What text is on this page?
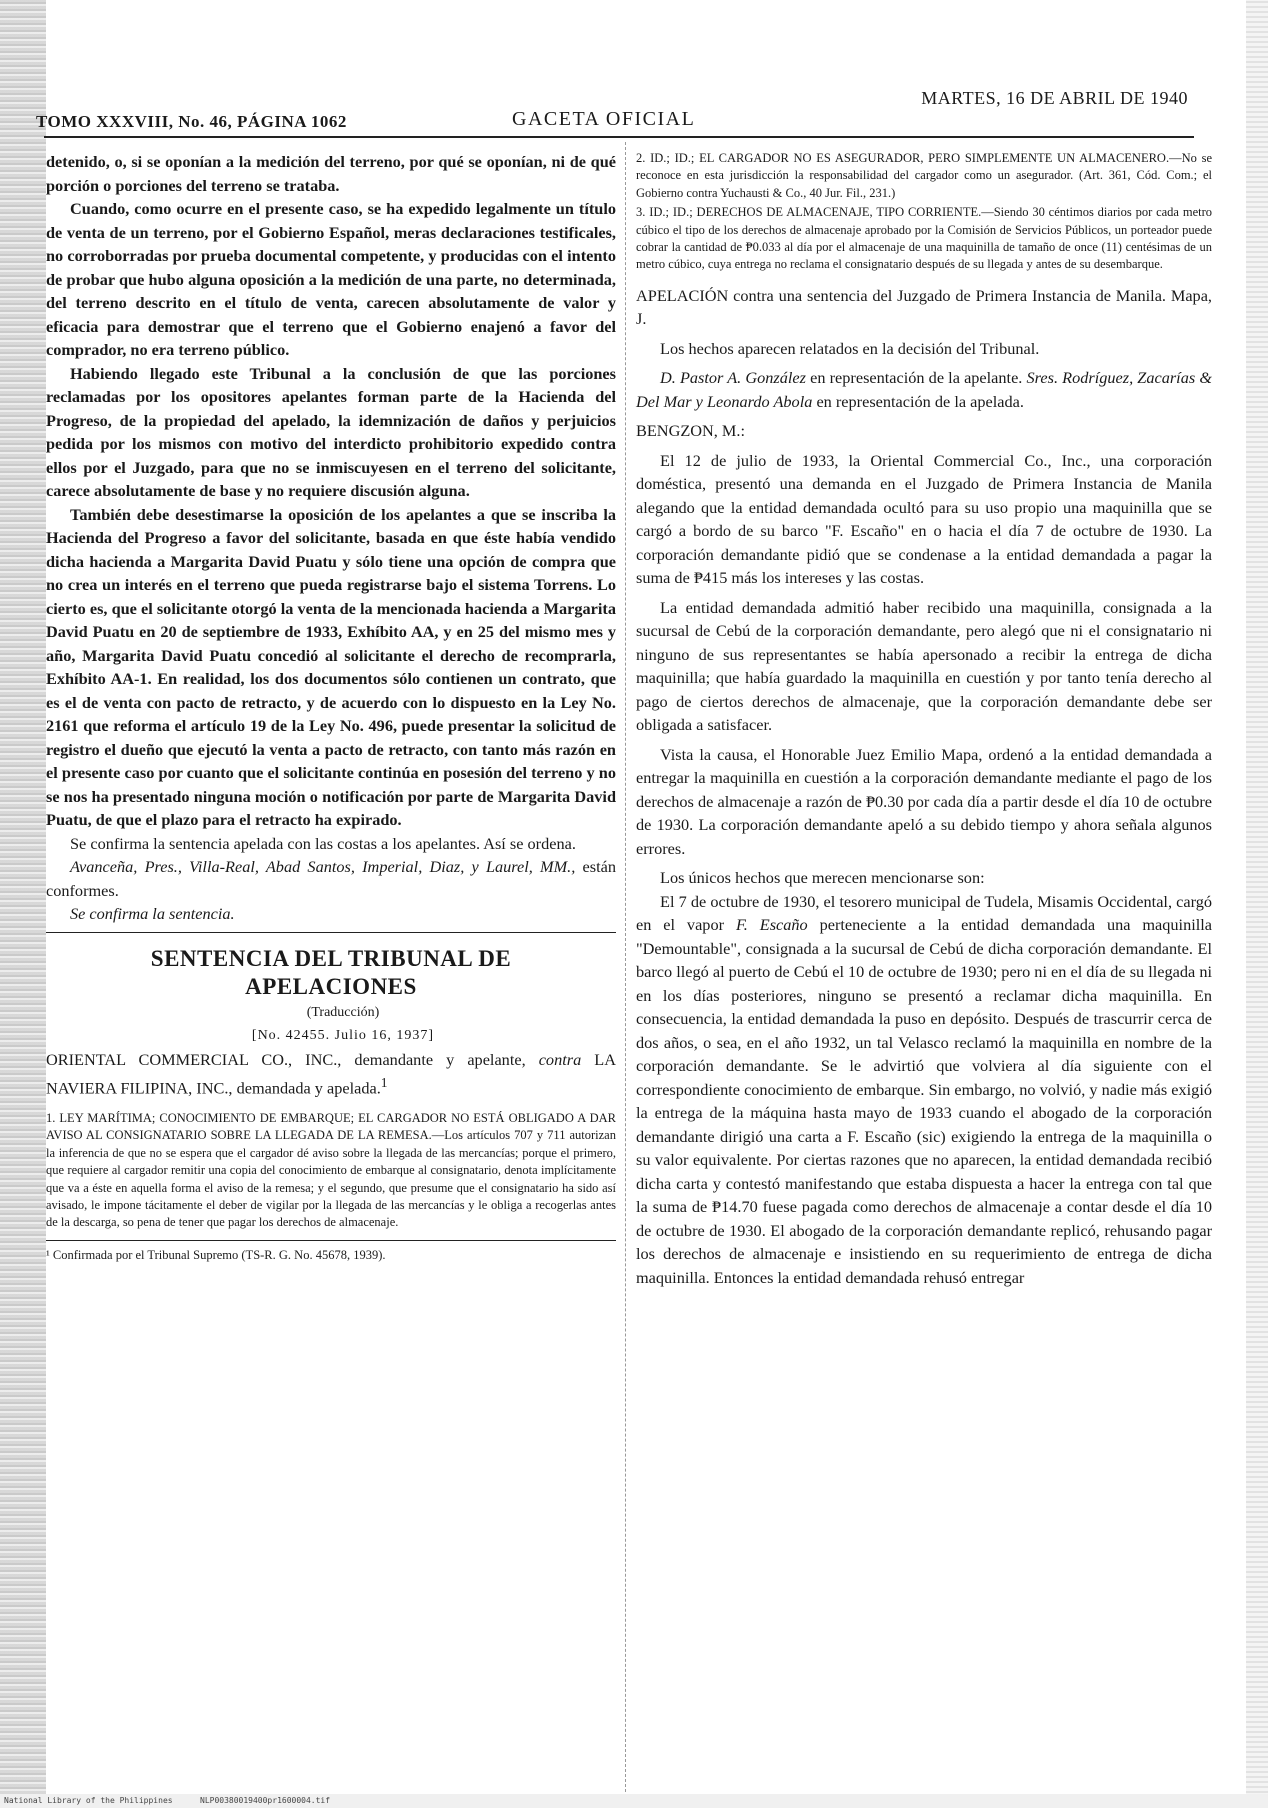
TOMO XXXVIII, No. 46, PÁGINA 1062	GACETA OFICIAL
MARTES, 16 DE ABRIL DE 1940

detenido, o, si se oponían a la medición del terreno, por qué se oponían, ni de qué porción o porciones del terreno se trataba.

Cuando, como ocurre en el presente caso, se ha expedido legalmente un título de venta de un terreno, por el Gobierno Español, meras declaraciones testificales, no corroborradas por prueba documental competente, y producidas con el intento de probar que hubo alguna oposición a la medición de una parte, no determinada, del terreno descrito en el título de venta, carecen absolutamente de valor y eficacia para demostrar que el terreno que el Gobierno enajenó a favor del comprador, no era terreno público.

Habiendo llegado este Tribunal a la conclusión de que las porciones reclamadas por los opositores apelantes forman parte de la Hacienda del Progreso, de la propiedad del apelado, la idemnización de daños y perjuicios pedida por los mismos con motivo del interdicto prohibitorio expedido contra ellos por el Juzgado, para que no se inmiscuyesen en el terreno del solicitante, carece absolutamente de base y no requiere discusión alguna.

También debe desestimarse la oposición de los apelantes a que se inscriba la Hacienda del Progreso a favor del solicitante, basada en que éste había vendido dicha hacienda a Margarita David Puatu y sólo tiene una opción de compra que no crea un interés en el terreno que pueda registrarse bajo el sistema Torrens. Lo cierto es, que el solicitante otorgó la venta de la mencionada hacienda a Margarita David Puatu en 20 de septiembre de 1933, Exhíbito AA, y en 25 del mismo mes y año, Margarita David Puatu concedió al solicitante el derecho de recomprarla, Exhíbito AA-1. En realidad, los dos documentos sólo contienen un contrato, que es el de venta con pacto de retracto, y de acuerdo con lo dispuesto en la Ley No. 2161 que reforma el artículo 19 de la Ley No. 496, puede presentar la solicitud de registro el dueño que ejecutó la venta a pacto de retracto, con tanto más razón en el presente caso por cuanto que el solicitante continúa en posesión del terreno y no se nos ha presentado ninguna moción o notificación por parte de Margarita David Puatu, de que el plazo para el retracto ha expirado.

Se confirma la sentencia apelada con las costas a los apelantes. Así se ordena.

Avanceña, Pres., Villa-Real, Abad Santos, Imperial, Diaz, y Laurel, MM., están conformes.

Se confirma la sentencia.

SENTENCIA DEL TRIBUNAL DE
APELACIONES

(Traducción)

[No. 42455. Julio 16, 1937]

ORIENTAL COMMERCIAL CO., INC., demandante y apelante, contra LA NAVIERA FILIPINA, INC., demandada y apelada.$^1$

1. LEY MARÍTIMA; CONOCIMIENTO DE EMBARQUE; EL CARGADOR NO ESTÁ OBLIGADO A DAR AVISO AL CONSIGNATARIO SOBRE LA LLEGADA DE LA REMESA.—Los artículos 707 y 711 autorizan la inferencia de que no se espera que el cargador dé aviso sobre la llegada de las mercancías; porque el primero, que requiere al cargador remitir una copia del conocimiento de embarque al consignatario, denota implícitamente que va a éste en aquella forma el aviso de la remesa; y el segundo, que presume que el consignatario ha sido así avisado, le impone tácitamente el deber de vigilar por la llegada de las mercancías y le obliga a recogerlas antes de la descarga, so pena de tener que pagar los derechos de almacenaje.

¹ Confirmada por el Tribunal Supremo (TS-R. G. No. 45678, 1939).

2. ID.; ID.; EL CARGADOR NO ES ASEGURADOR, PERO SIMPLEMENTE UN ALMACENERO.—No se reconoce en esta jurisdicción la responsabilidad del cargador como un asegurador. (Art. 361, Cód. Com.; el Gobierno contra Yuchausti & Co., 40 Jur. Fil., 231.)

3. ID.; ID.; DERECHOS DE ALMACENAJE, TIPO CORRIENTE.—Siendo 30 céntimos diarios por cada metro cúbico el tipo de los derechos de almacenaje aprobado por la Comisión de Servicios Públicos, un porteador puede cobrar la cantidad de ₱0.033 al día por el almacenaje de una maquinilla de tamaño de once (11) centésimas de un metro cúbico, cuya entrega no reclama el consignatario después de su llegada y antes de su desembarque.

APELACIÓN contra una sentencia del Juzgado de Primera Instancia de Manila. Mapa, J.

Los hechos aparecen relatados en la decisión del Tribunal.

D. Pastor A. González en representación de la apelante. Sres. Rodríguez, Zacarías & Del Mar y Leonardo Abola en representación de la apelada.

BENGZON, M.:

El 12 de julio de 1933, la Oriental Commercial Co., Inc., una corporación doméstica, presentó una demanda en el Juzgado de Primera Instancia de Manila alegando que la entidad demandada ocultó para su uso propio una maquinilla que se cargó a bordo de su barco "F. Escaño" en o hacia el día 7 de octubre de 1930. La corporación demandante pidió que se condenase a la entidad demandada a pagar la suma de ₱415 más los intereses y las costas.

La entidad demandada admitió haber recibido una maquinilla, consignada a la sucursal de Cebú de la corporación demandante, pero alegó que ni el consignatario ni ninguno de sus representantes se había apersonado a recibir la entrega de dicha maquinilla; que había guardado la maquinilla en cuestión y por tanto tenía derecho al pago de ciertos derechos de almacenaje, que la corporación demandante debe ser obligada a satisfacer.

Vista la causa, el Honorable Juez Emilio Mapa, ordenó a la entidad demandada a entregar la maquinilla en cuestión a la corporación demandante mediante el pago de los derechos de almacenaje a razón de ₱0.30 por cada día a partir desde el día 10 de octubre de 1930. La corporación demandante apeló a su debido tiempo y ahora señala algunos errores.

Los únicos hechos que merecen mencionarse son:

El 7 de octubre de 1930, el tesorero municipal de Tudela, Misamis Occidental, cargó en el vapor F. Escaño perteneciente a la entidad demandada una maquinilla "Demountable", consignada a la sucursal de Cebú de dicha corporación demandante. El barco llegó al puerto de Cebú el 10 de octubre de 1930; pero ni en el día de su llegada ni en los días posteriores, ninguno se presentó a reclamar dicha maquinilla. En consecuencia, la entidad demandada la puso en depósito. Después de trascurrir cerca de dos años, o sea, en el año 1932, un tal Velasco reclamó la maquinilla en nombre de la corporación demandante. Se le advirtió que volviera al día siguiente con el correspondiente conocimiento de embarque. Sin embargo, no volvió, y nadie más exigió la entrega de la máquina hasta mayo de 1933 cuando el abogado de la corporación demandante dirigió una carta a F. Escaño (sic) exigiendo la entrega de la maquinilla o su valor equivalente. Por ciertas razones que no aparecen, la entidad demandada recibió dicha carta y contestó manifestando que estaba dispuesta a hacer la entrega con tal que la suma de ₱14.70 fuese pagada como derechos de almacenaje a contar desde el día 10 de octubre de 1930. El abogado de la corporación demandante replicó, rehusando pagar los derechos de almacenaje e insistiendo en su requerimiento de entrega de dicha maquinilla. Entonces la entidad demandada rehusó entregar

National Library of the Philippines	NLP00380019400pr1600004.tif
